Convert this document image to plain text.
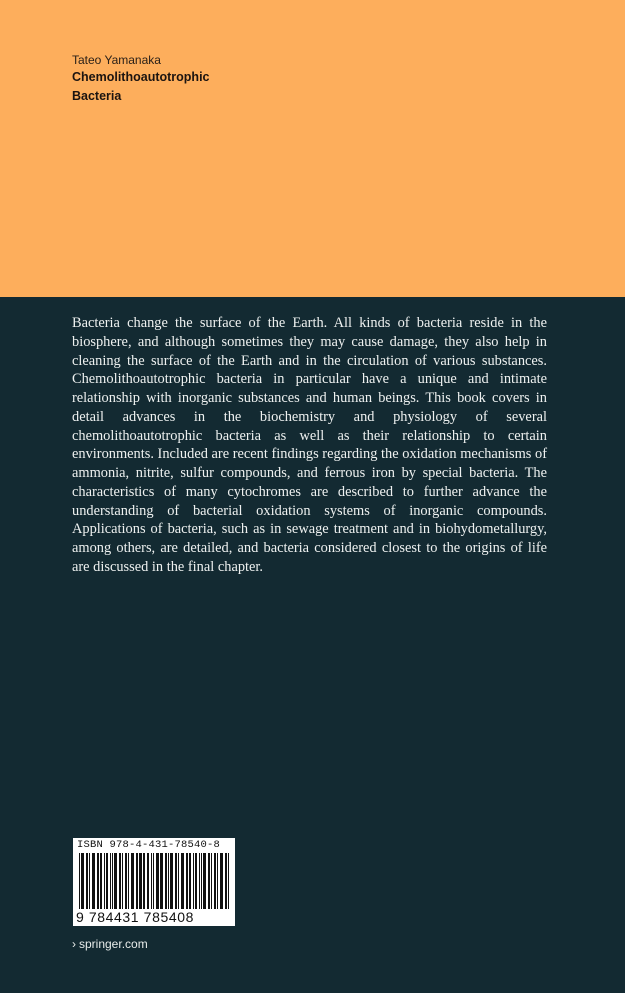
Tateo Yamanaka
Chemolithoautotrophic
Bacteria

Bacteria change the surface of the Earth. All kinds of bacteria reside in the biosphere, and although sometimes they may cause damage, they also help in cleaning the surface of the Earth and in the circulation of various substances. Chemolithoautotrophic bacteria in particular have a unique and intimate relationship with inorganic substances and human beings. This book covers in detail advances in the biochemistry and physiology of several chemolithoautotrophic bacteria as well as their relationship to certain environments. Included are recent findings regarding the oxidation mechanisms of ammonia, nitrite, sulfur compounds, and ferrous iron by special bacteria. The characteristics of many cytochromes are described to further advance the understanding of bacterial oxidation systems of inorganic compounds. Applications of bacteria, such as in sewage treatment and in biohydometallurgy, among others, are detailed, and bacteria considered closest to the origins of life are discussed in the final chapter.

ISBN 978-4-431-78540-8
9 784431 785408
› springer.com
